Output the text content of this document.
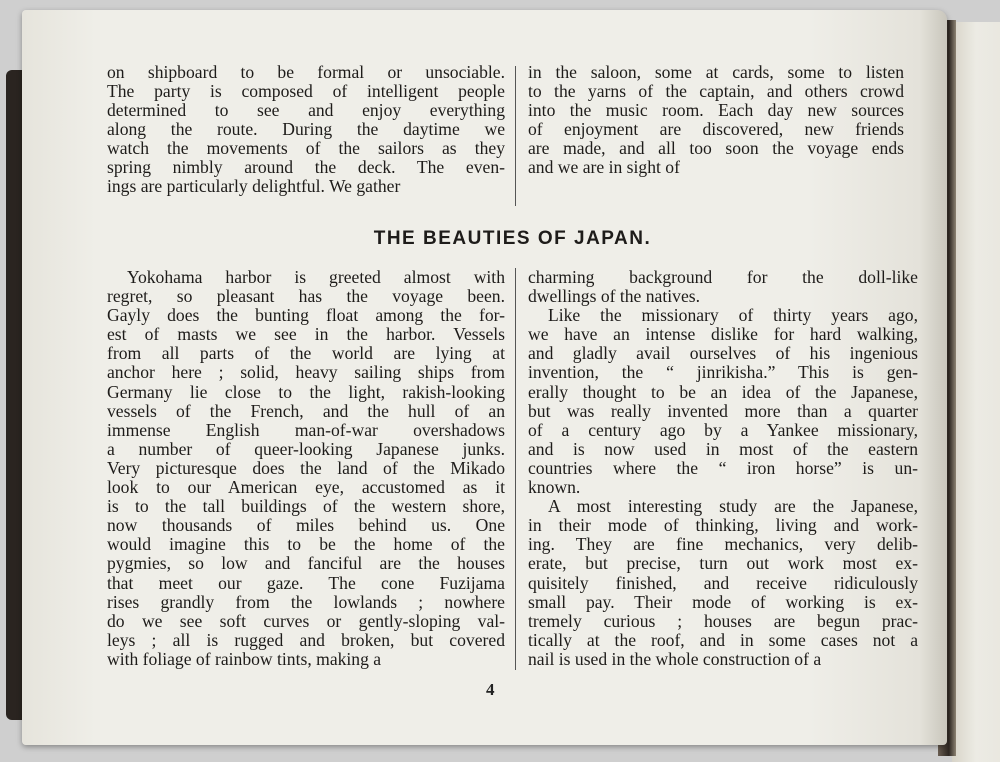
on shipboard to be formal or unsociable.
The party is composed of intelligent people
determined to see and enjoy everything
along the route. During the daytime we
watch the movements of the sailors as they
spring nimbly around the deck. The even-
ings are particularly delightful. We gather
in the saloon, some at cards, some to listen
to the yarns of the captain, and others crowd
into the music room. Each day new sources
of enjoyment are discovered, new friends
are made, and all too soon the voyage ends
and we are in sight of
THE BEAUTIES OF JAPAN.
Yokohama harbor is greeted almost with
regret, so pleasant has the voyage been.
Gayly does the bunting float among the for-
est of masts we see in the harbor. Vessels
from all parts of the world are lying at
anchor here ; solid, heavy sailing ships from
Germany lie close to the light, rakish-looking
vessels of the French, and the hull of an
immense English man-of-war overshadows
a number of queer-looking Japanese junks.
Very picturesque does the land of the Mikado
look to our American eye, accustomed as it
is to the tall buildings of the western shore,
now thousands of miles behind us. One
would imagine this to be the home of the
pygmies, so low and fanciful are the houses
that meet our gaze. The cone Fuzijama
rises grandly from the lowlands ; nowhere
do we see soft curves or gently-sloping val-
leys ; all is rugged and broken, but covered
with foliage of rainbow tints, making a
charming background for the doll-like
dwellings of the natives.
Like the missionary of thirty years ago,
we have an intense dislike for hard walking,
and gladly avail ourselves of his ingenious
invention, the “ jinrikisha.” This is gen-
erally thought to be an idea of the Japanese,
but was really invented more than a quarter
of a century ago by a Yankee missionary,
and is now used in most of the eastern
countries where the “ iron horse” is un-
known.
A most interesting study are the Japanese,
in their mode of thinking, living and work-
ing. They are fine mechanics, very delib-
erate, but precise, turn out work most ex-
quisitely finished, and receive ridiculously
small pay. Their mode of working is ex-
tremely curious ; houses are begun prac-
tically at the roof, and in some cases not a
nail is used in the whole construction of a
4
